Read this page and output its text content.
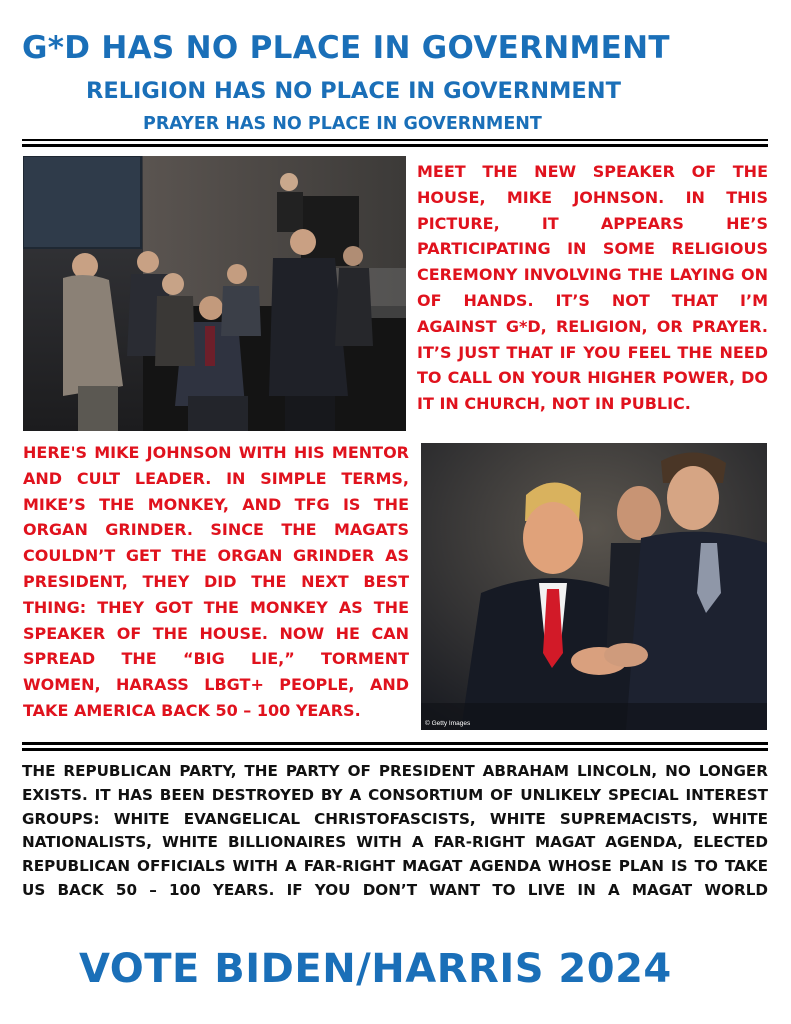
G*D HAS NO PLACE IN GOVERNMENT
RELIGION HAS NO PLACE IN GOVERNMENT
PRAYER HAS NO PLACE IN GOVERNMENT
MEET THE NEW SPEAKER OF THE HOUSE, MIKE JOHNSON. IN THIS PICTURE, IT APPEARS HE’S PARTICIPATING IN SOME RELIGIOUS CEREMONY INVOLVING THE LAYING ON OF HANDS. IT’S NOT THAT I’M AGAINST G*D, RELIGION, OR PRAYER. IT’S JUST THAT IF YOU FEEL THE NEED TO CALL ON YOUR HIGHER POWER, DO IT IN CHURCH, NOT IN PUBLIC.
HERE'S MIKE JOHNSON WITH HIS MENTOR AND CULT LEADER. IN SIMPLE TERMS, MIKE’S THE MONKEY, AND TFG IS THE ORGAN GRINDER. SINCE THE MAGATS COULDN’T GET THE ORGAN GRINDER AS PRESIDENT, THEY DID THE NEXT BEST THING: THEY GOT THE MONKEY AS THE SPEAKER OF THE HOUSE. NOW HE CAN SPREAD THE “BIG LIE,” TORMENT WOMEN, HARASS LBGT+ PEOPLE, AND TAKE AMERICA BACK 50 – 100 YEARS.
© Getty Images
THE REPUBLICAN PARTY, THE PARTY OF PRESIDENT ABRAHAM LINCOLN, NO LONGER EXISTS. IT HAS BEEN DESTROYED BY A CONSORTIUM OF UNLIKELY SPECIAL INTEREST GROUPS: WHITE EVANGELICAL CHRISTOFASCISTS, WHITE SUPREMACISTS, WHITE NATIONALISTS, WHITE BILLIONAIRES WITH A FAR-RIGHT MAGAT AGENDA, ELECTED REPUBLICAN OFFICIALS WITH A FAR-RIGHT MAGAT AGENDA WHOSE PLAN IS TO TAKE US BACK 50 – 100 YEARS. IF YOU DON’T WANT TO LIVE IN A MAGAT WORLD
VOTE BIDEN/HARRIS 2024
